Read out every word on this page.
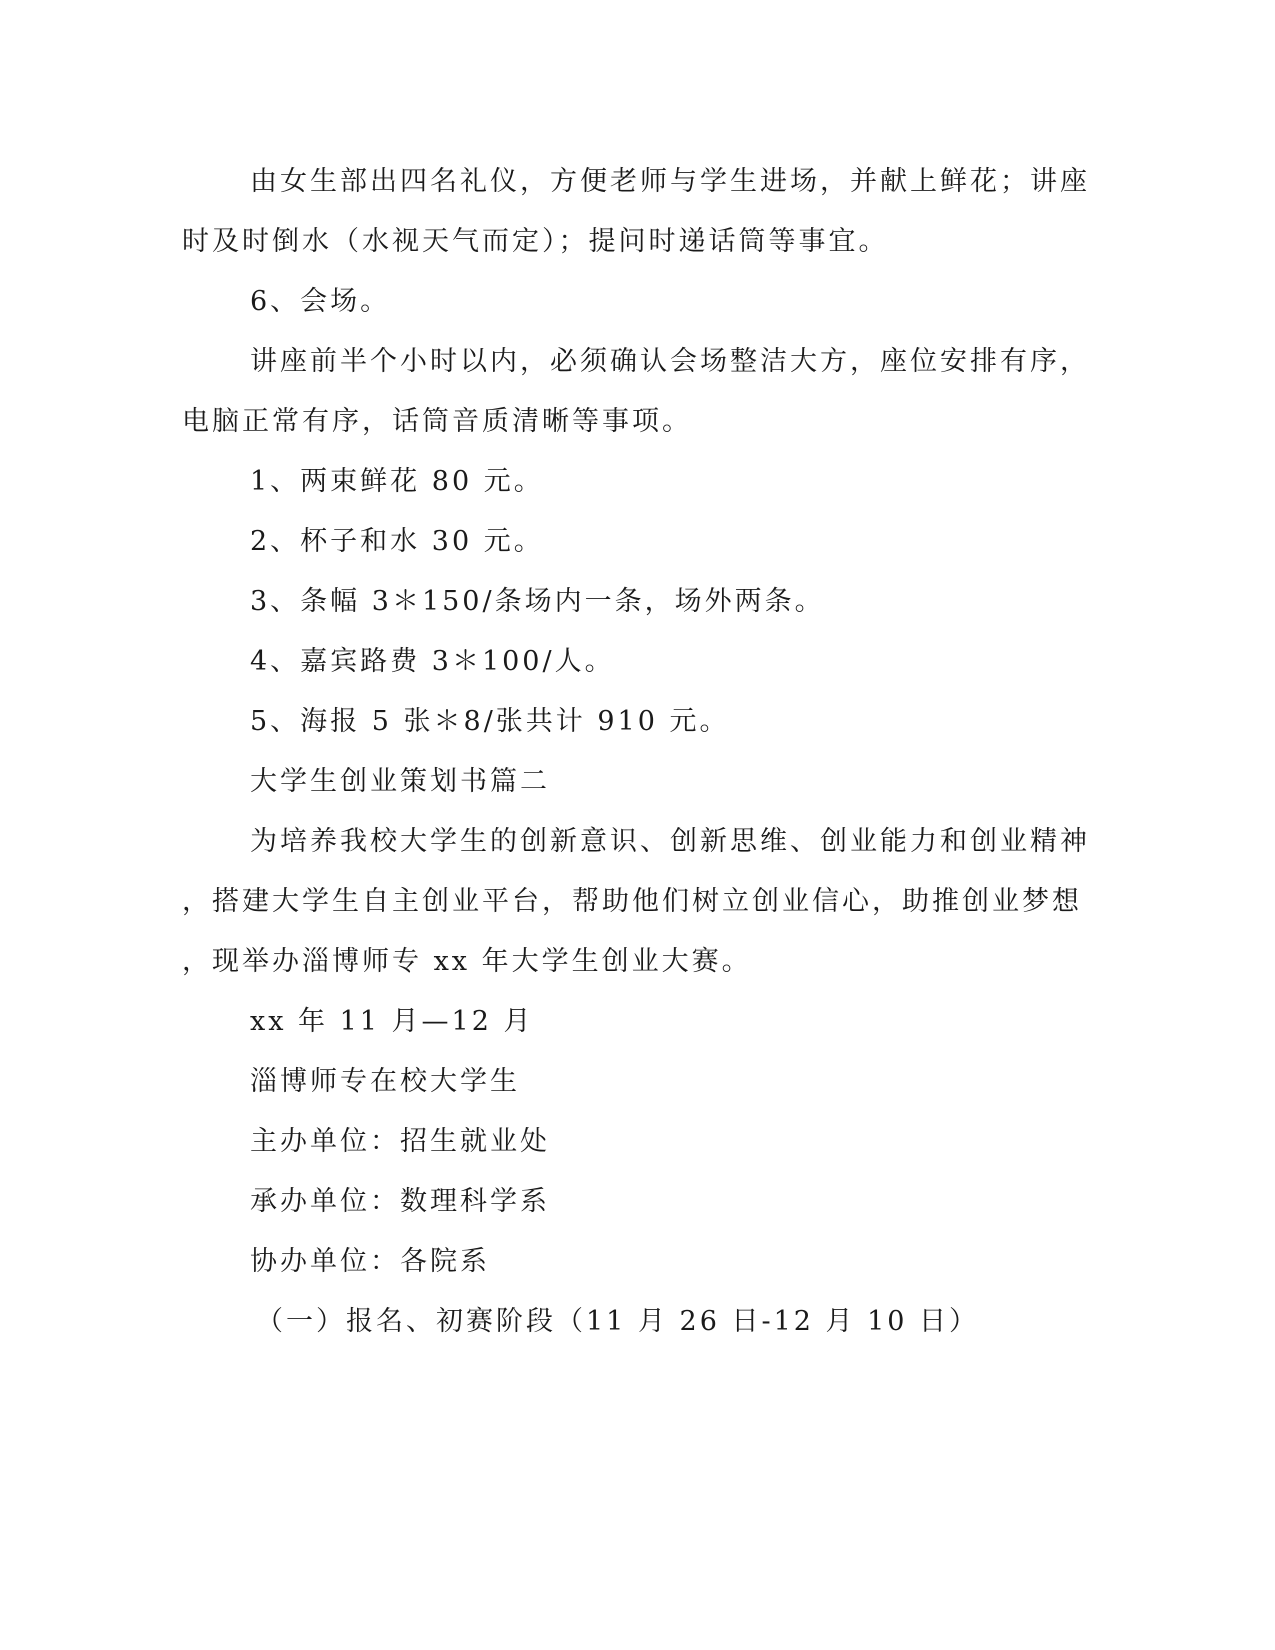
由女生部出四名礼仪，方便老师与学生进场，并献上鲜花；讲座
时及时倒水（水视天气而定）；提问时递话筒等事宜。
6、会场。
讲座前半个小时以内，必须确认会场整洁大方，座位安排有序，
电脑正常有序，话筒音质清晰等事项。
1、两束鲜花 80 元。
2、杯子和水 30 元。
3、条幅 3＊150/条场内一条，场外两条。
4、嘉宾路费 3＊100/人。
5、海报 5 张＊8/张共计 910 元。
大学生创业策划书篇二
为培养我校大学生的创新意识、创新思维、创业能力和创业精神
，搭建大学生自主创业平台，帮助他们树立创业信心，助推创业梦想
，现举办淄博师专 xx 年大学生创业大赛。
xx 年 11 月—12 月
淄博师专在校大学生
主办单位：招生就业处
承办单位：数理科学系
协办单位：各院系
（一）报名、初赛阶段（11 月 26 日-12 月 10 日）
